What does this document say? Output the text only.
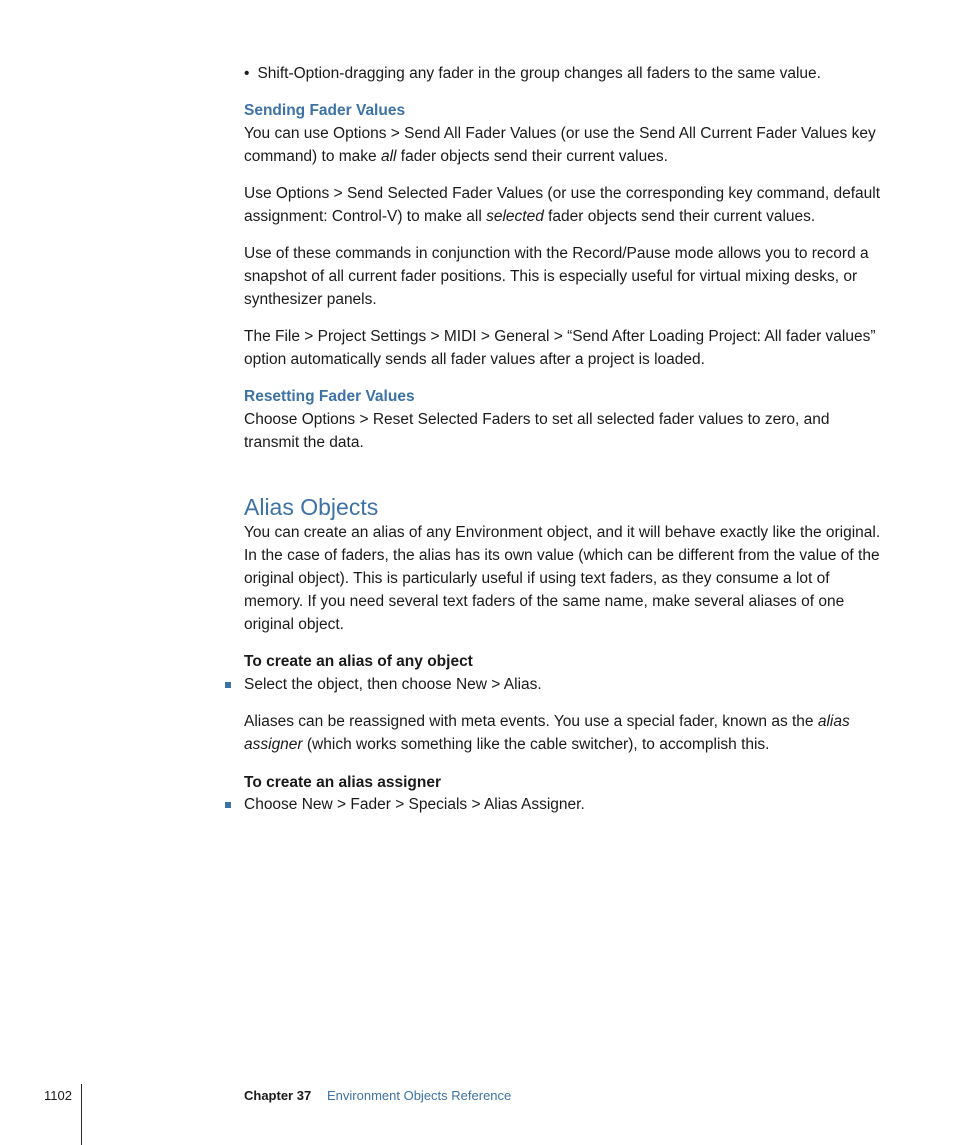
• Shift-Option-dragging any fader in the group changes all faders to the same value.
Sending Fader Values

You can use Options > Send All Fader Values (or use the Send All Current Fader Values key command) to make all fader objects send their current values.

Use Options > Send Selected Fader Values (or use the corresponding key command, default assignment: Control-V) to make all selected fader objects send their current values.

Use of these commands in conjunction with the Record/Pause mode allows you to record a snapshot of all current fader positions. This is especially useful for virtual mixing desks, or synthesizer panels.

The File > Project Settings > MIDI > General > “Send After Loading Project: All fader values” option automatically sends all fader values after a project is loaded.

Resetting Fader Values

Choose Options > Reset Selected Faders to set all selected fader values to zero, and transmit the data.

Alias Objects

You can create an alias of any Environment object, and it will behave exactly like the original. In the case of faders, the alias has its own value (which can be different from the value of the original object). This is particularly useful if using text faders, as they consume a lot of memory. If you need several text faders of the same name, make several aliases of one original object.

To create an alias of any object

Select the object, then choose New > Alias.

Aliases can be reassigned with meta events. You use a special fader, known as the alias assigner (which works something like the cable switcher), to accomplish this.

To create an alias assigner

Choose New > Fader > Specials > Alias Assigner.

1102	Chapter 37 Environment Objects Reference
